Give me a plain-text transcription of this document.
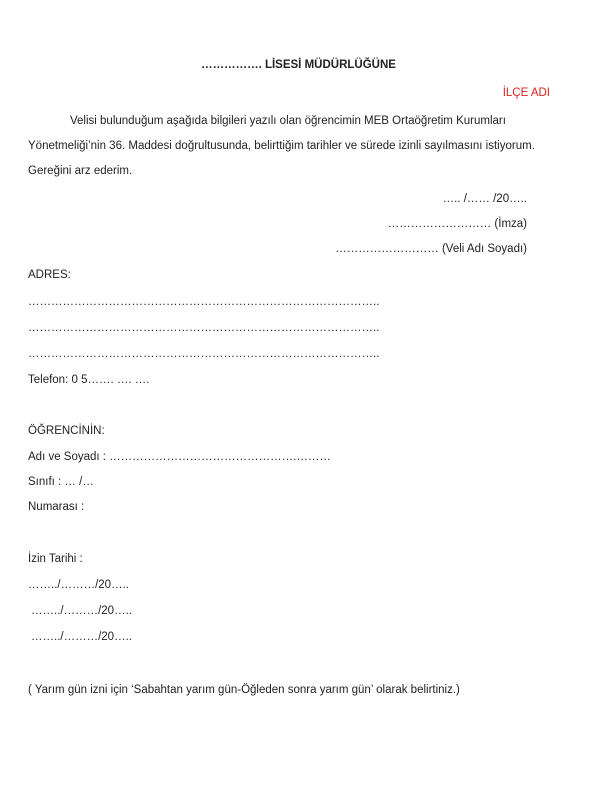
……………. LİSESİ MÜDÜRLÜĞÜNE
İLÇE ADI
Velisi bulunduğum aşağıda bilgileri yazılı olan öğrencimin MEB Ortaöğretim Kurumları
Yönetmeliği’nin 36. Maddesi doğrultusunda, belirttiğim tarihler ve sürede izinli sayılmasını istiyorum.
Gereğini arz ederim.
….. /…… /20…..
……………………… (İmza)
……………………… (Veli Adı Soyadı)
ADRES:
………………………………………………………………………………..
………………………………………………………………………………..
………………………………………………………………………………..
Telefon: 0 5……. …. ….
ÖĞRENCİNİN:
Adı ve Soyadı : ………………………………………….………
Sınıfı : … /…
Numarası :
İzin Tarihi :
……../………/20…..
……../………/20…..
……../………/20…..
( Yarım gün izni için ‘Sabahtan yarım gün-Öğleden sonra yarım gün’ olarak belirtiniz.)
